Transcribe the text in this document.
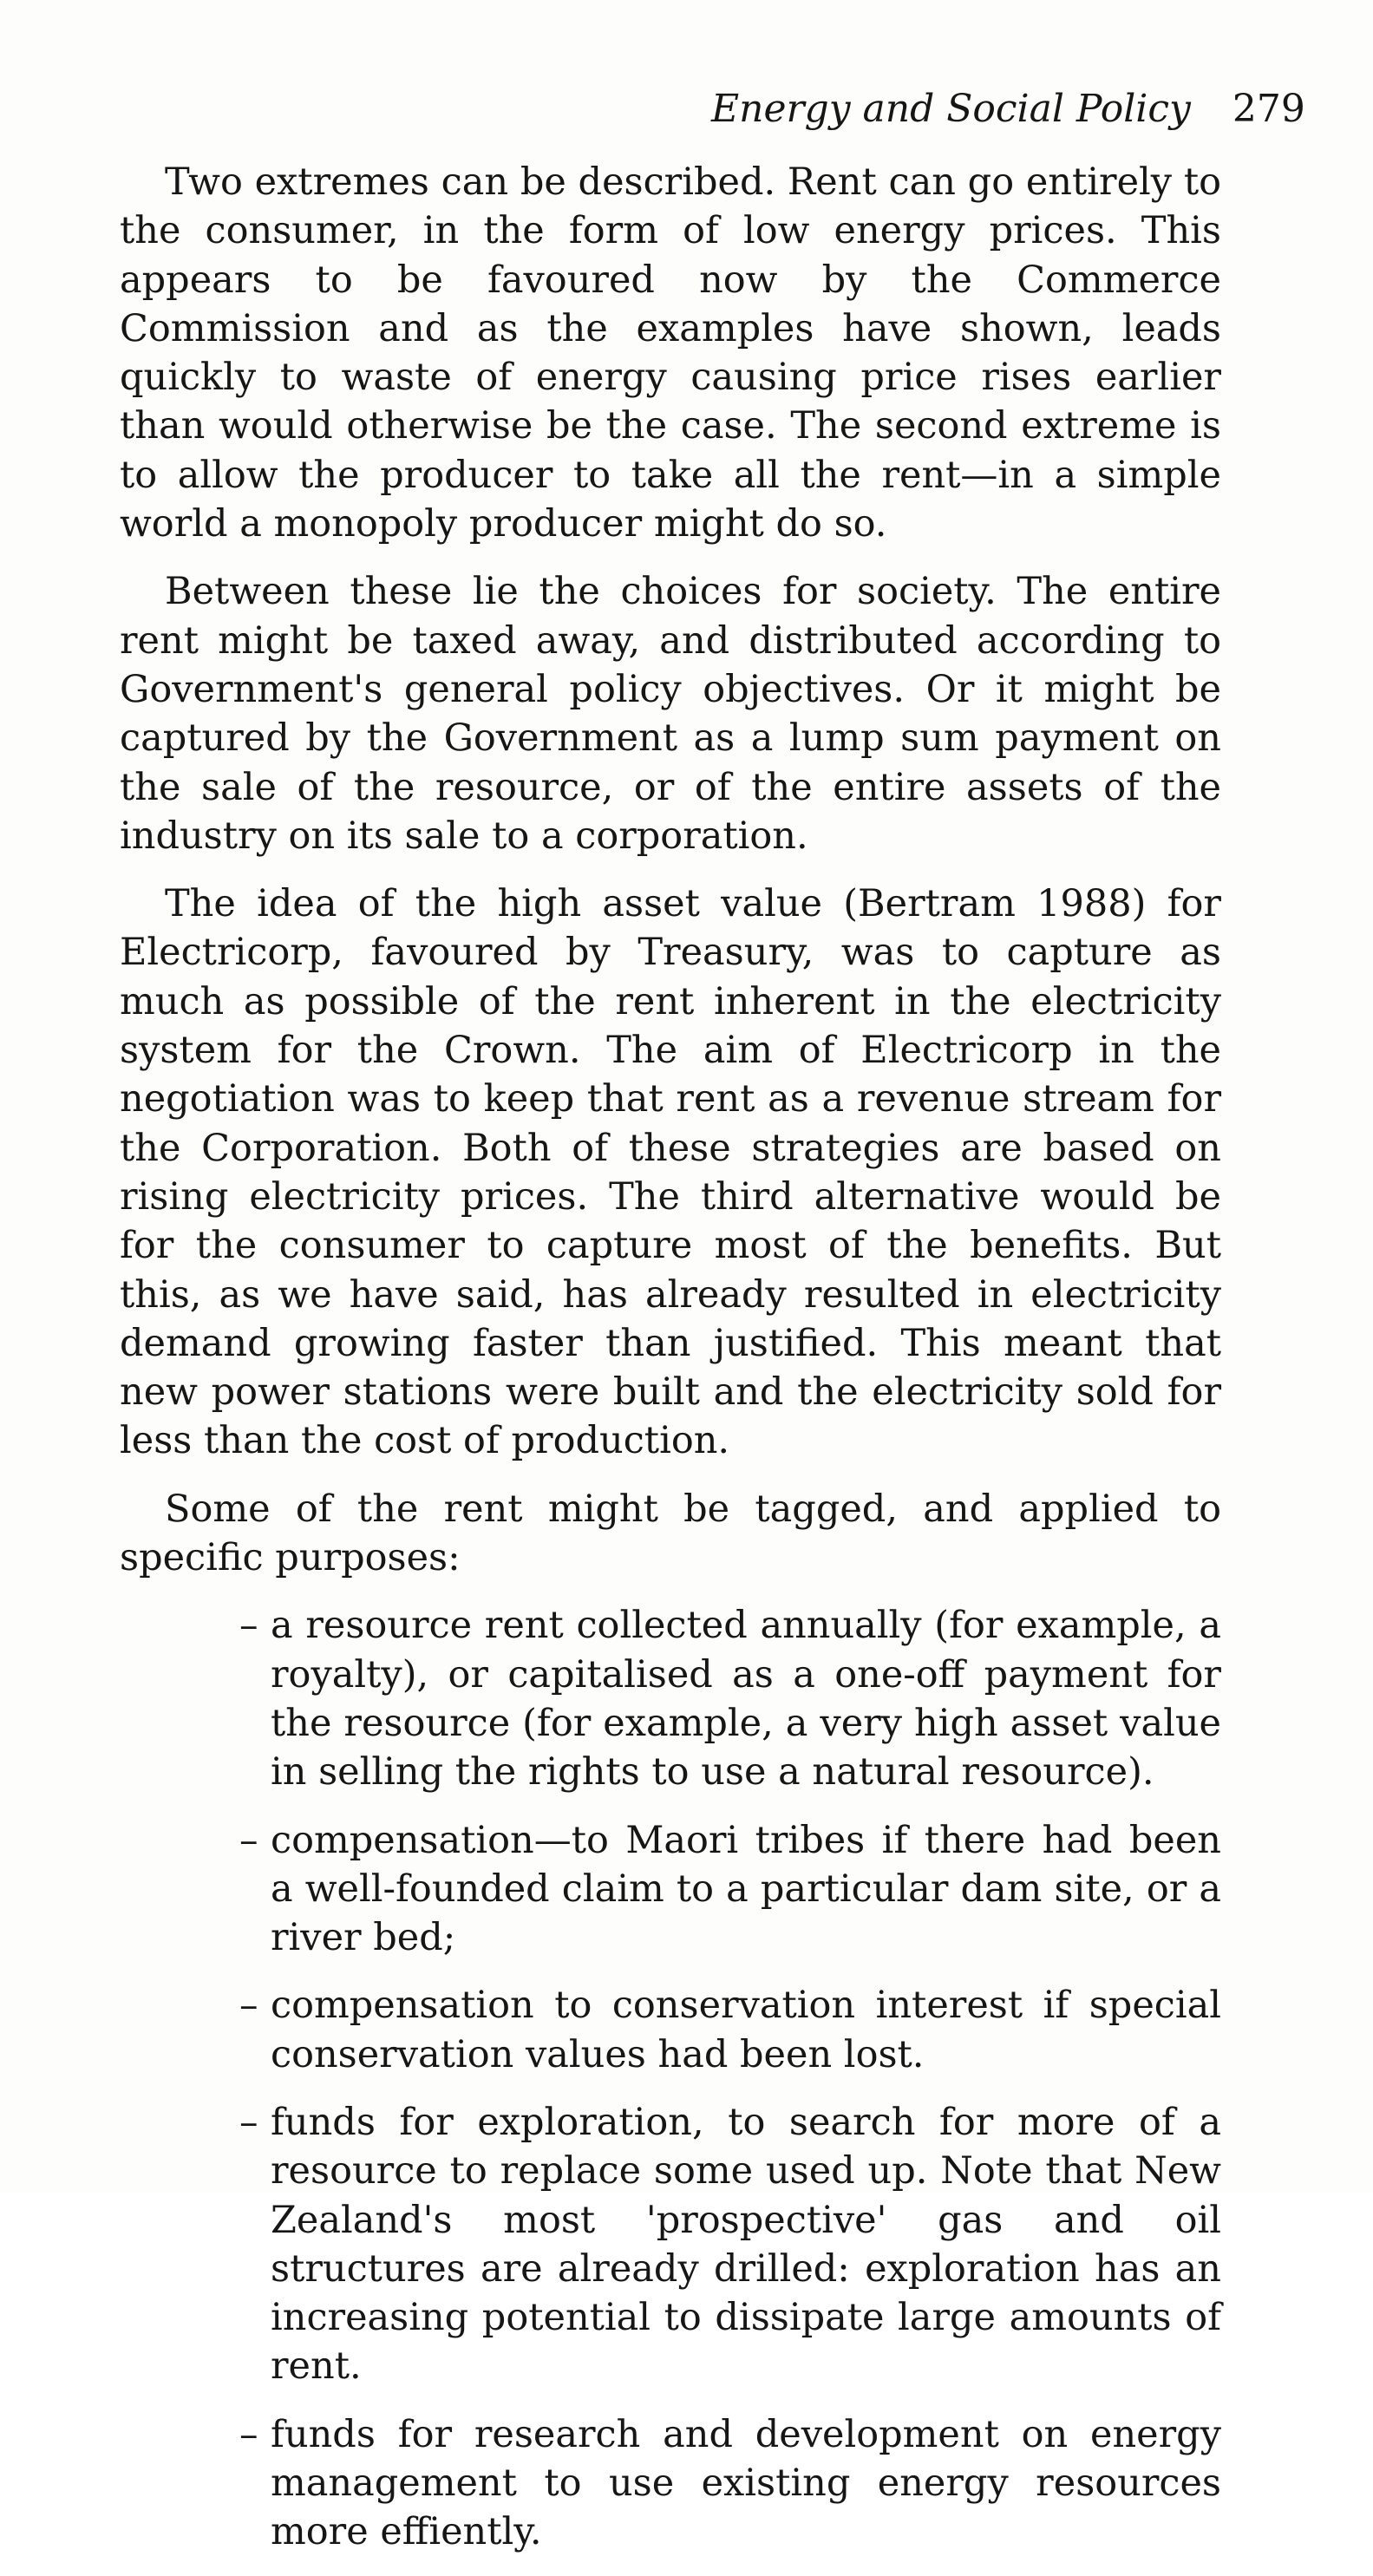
Energy and Social Policy 279

Two extremes can be described. Rent can go entirely to the consumer, in the form of low energy prices. This appears to be favoured now by the Commerce Commission and as the examples have shown, leads quickly to waste of energy causing price rises earlier than would otherwise be the case. The second extreme is to allow the producer to take all the rent—in a simple world a monopoly producer might do so.

Between these lie the choices for society. The entire rent might be taxed away, and distributed according to Government's general policy objectives. Or it might be captured by the Government as a lump sum payment on the sale of the resource, or of the entire assets of the industry on its sale to a corporation.

The idea of the high asset value (Bertram 1988) for Electricorp, favoured by Treasury, was to capture as much as possible of the rent inherent in the electricity system for the Crown. The aim of Electricorp in the negotiation was to keep that rent as a revenue stream for the Corporation. Both of these strategies are based on rising electricity prices. The third alternative would be for the consumer to capture most of the benefits. But this, as we have said, has already resulted in electricity demand growing faster than justified. This meant that new power stations were built and the electricity sold for less than the cost of production.

Some of the rent might be tagged, and applied to specific purposes:

– a resource rent collected annually (for example, a royalty), or capitalised as a one-off payment for the resource (for example, a very high asset value in selling the rights to use a natural resource).
– compensation—to Maori tribes if there had been a well-founded claim to a particular dam site, or a river bed;
– compensation to conservation interest if special conservation values had been lost.
– funds for exploration, to search for more of a resource to replace some used up. Note that New Zealand's most 'prospective' gas and oil structures are already drilled: exploration has an increasing potential to dissipate large amounts of rent.
– funds for research and development on energy management to use existing energy resources more effiently.
